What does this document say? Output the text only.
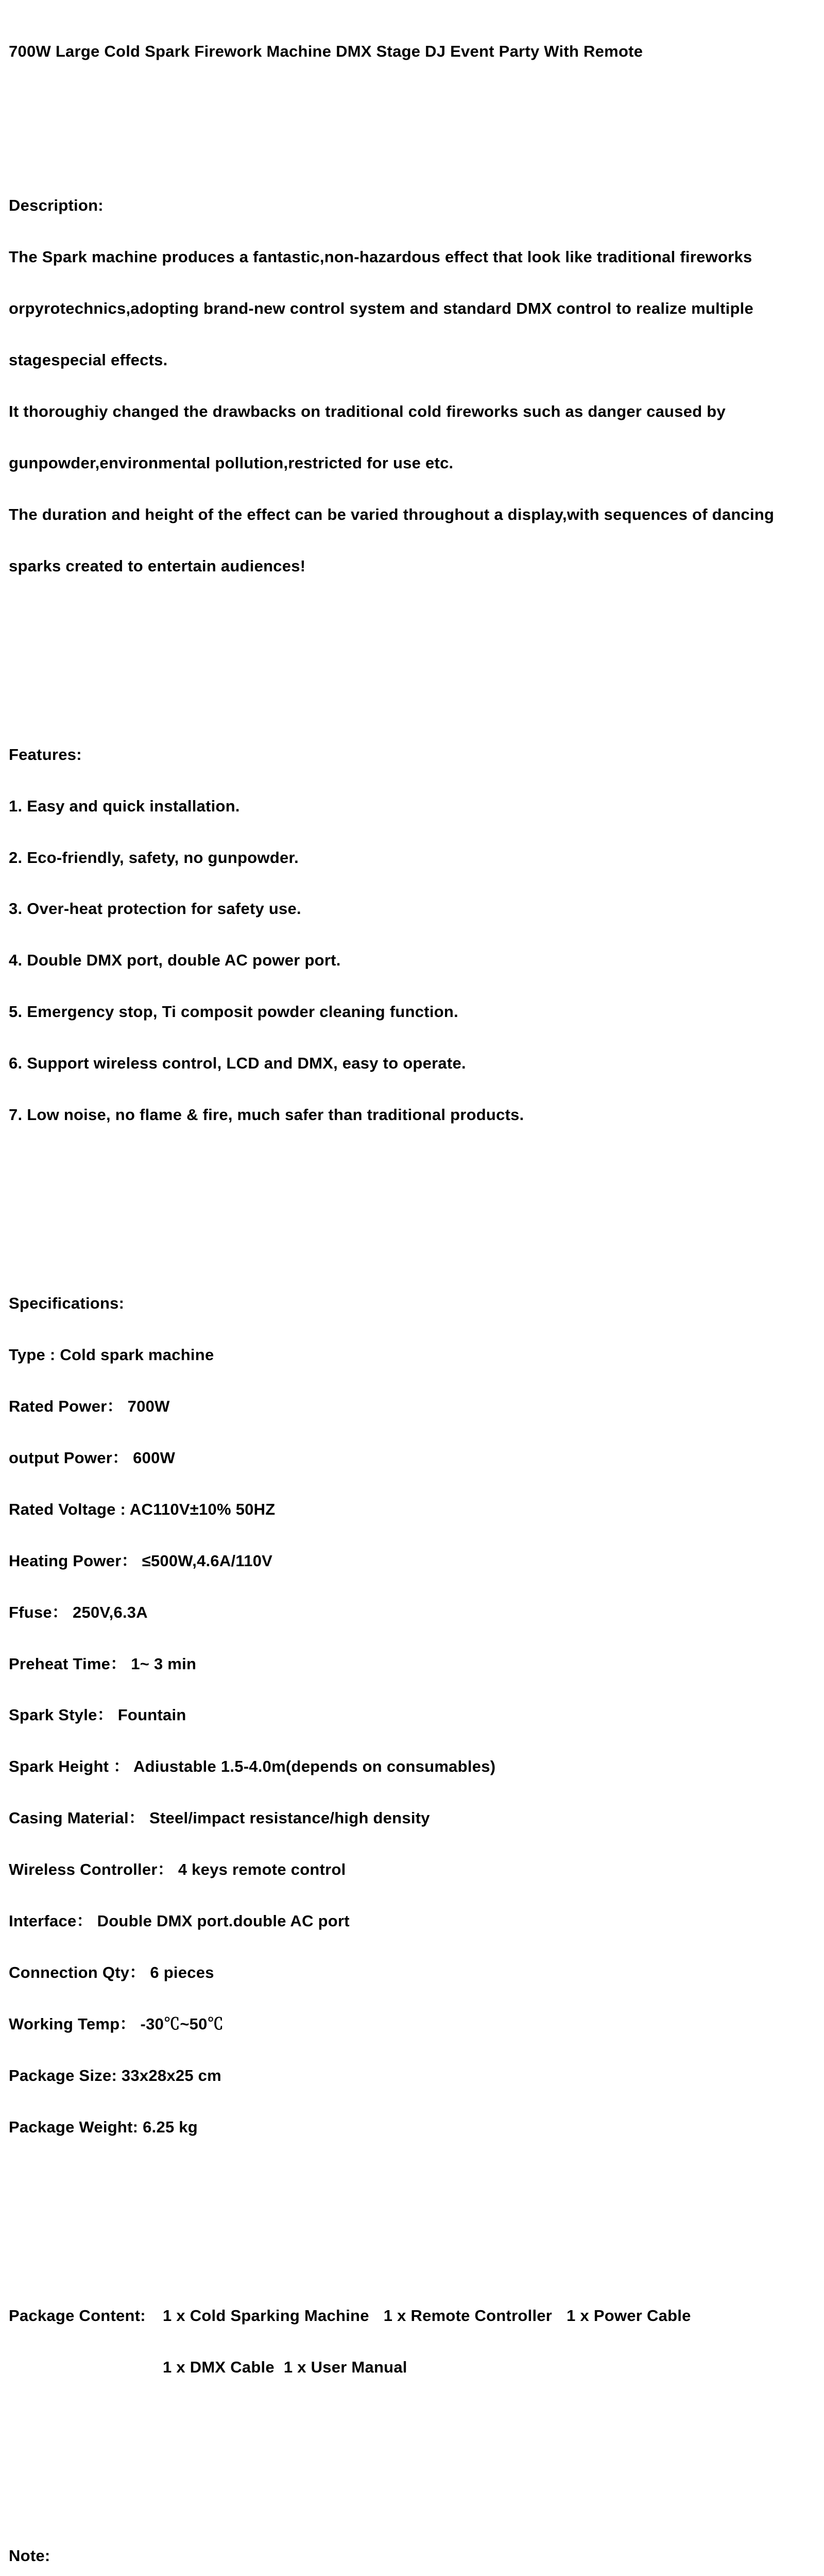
700W Large Cold Spark Firework Machine DMX Stage DJ Event Party With Remote

Description:

The Spark machine produces a fantastic,non-hazardous effect that look like traditional fireworks

orpyrotechnics,adopting brand-new control system and standard DMX control to realize multiple

stagespecial effects.

It thoroughiy changed the drawbacks on traditional cold fireworks such as danger caused by

gunpowder,environmental pollution,restricted for use etc.

The duration and height of the effect can be varied throughout a display,with sequences of dancing

sparks created to entertain audiences!

Features:

1. Easy and quick installation.

2. Eco-friendly, safety, no gunpowder.

3. Over-heat protection for safety use.

4. Double DMX port, double AC power port.

5. Emergency stop, Ti composit powder cleaning function.

6. Support wireless control, LCD and DMX, easy to operate.

7. Low noise, no flame & fire, much safer than traditional products.

Specifications:

Type : Cold spark machine

Rated Power： 700W

output Power： 600W

Rated Voltage : AC110V±10% 50HZ

Heating Power： ≤500W,4.6A/110V

Ffuse： 250V,6.3A

Preheat Time： 1~ 3 min

Spark Style： Fountain

Spark Height ： Adiustable 1.5-4.0m(depends on consumables)

Casing Material： Steel/impact resistance/high density

Wireless Controller： 4 keys remote control

Interface： Double DMX port.double AC port

Connection Qty： 6 pieces

Working Temp： -30℃~50℃

Package Size: 33x28x25 cm

Package Weight: 6.25 kg

Package Content: 1 x Cold Sparking Machine 1 x Remote Controller 1 x Power Cable

1 x DMX Cable 1 x User Manual

Note:
